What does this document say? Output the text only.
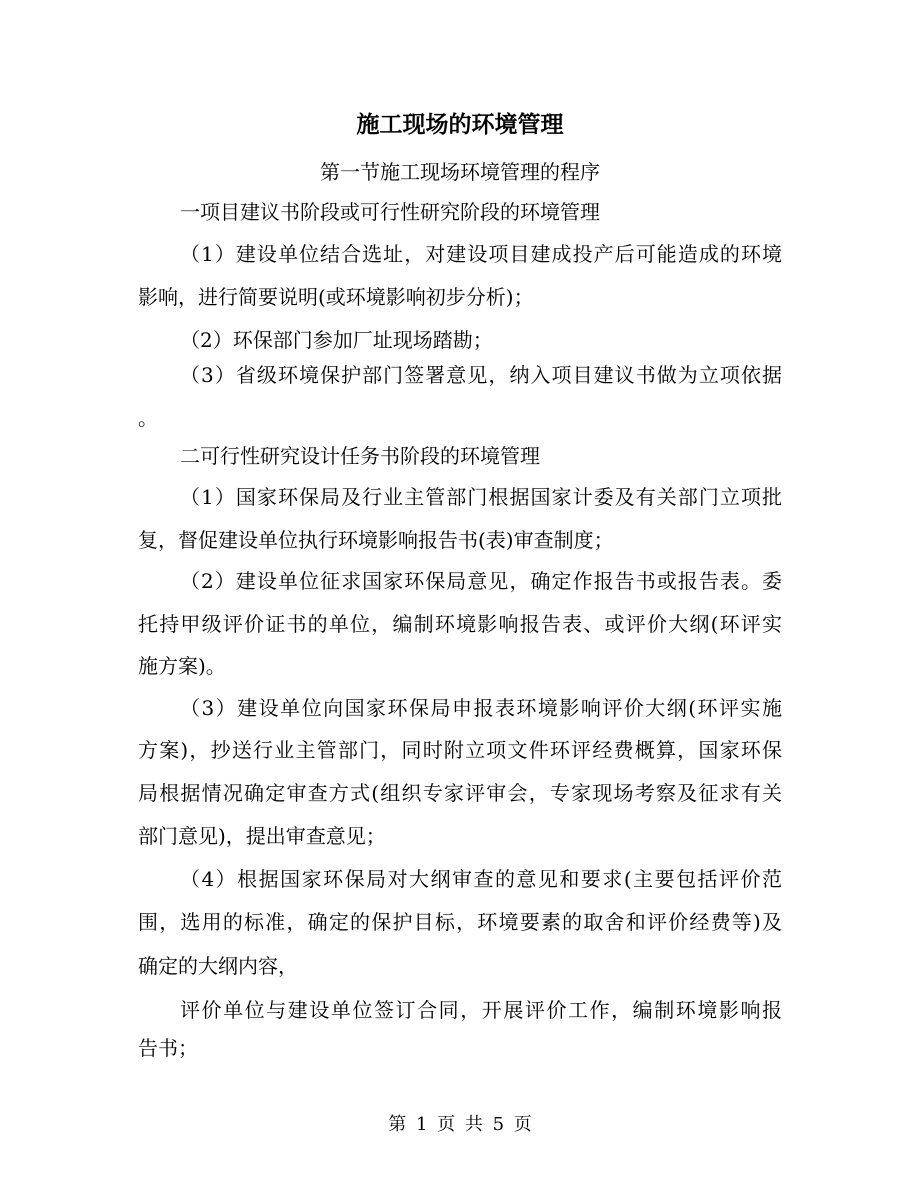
施工现场的环境管理
第一节施工现场环境管理的程序
一项目建议书阶段或可行性研究阶段的环境管理
（1）建设单位结合选址，对建设项目建成投产后可能造成的环境
影响，进行简要说明(或环境影响初步分析)；
（2）环保部门参加厂址现场踏勘；
（3）省级环境保护部门签署意见，纳入项目建议书做为立项依据
。
二可行性研究设计任务书阶段的环境管理
（1）国家环保局及行业主管部门根据国家计委及有关部门立项批
复，督促建设单位执行环境影响报告书(表)审查制度；
（2）建设单位征求国家环保局意见，确定作报告书或报告表。委
托持甲级评价证书的单位，编制环境影响报告表、或评价大纲(环评实
施方案)。
（3）建设单位向国家环保局申报表环境影响评价大纲(环评实施
方案)，抄送行业主管部门，同时附立项文件环评经费概算，国家环保
局根据情况确定审查方式(组织专家评审会，专家现场考察及征求有关
部门意见)，提出审查意见；
（4）根据国家环保局对大纲审查的意见和要求(主要包括评价范
围，选用的标准，确定的保护目标，环境要素的取舍和评价经费等)及
确定的大纲内容，
评价单位与建设单位签订合同，开展评价工作，编制环境影响报
告书；
第 1 页 共 5 页
